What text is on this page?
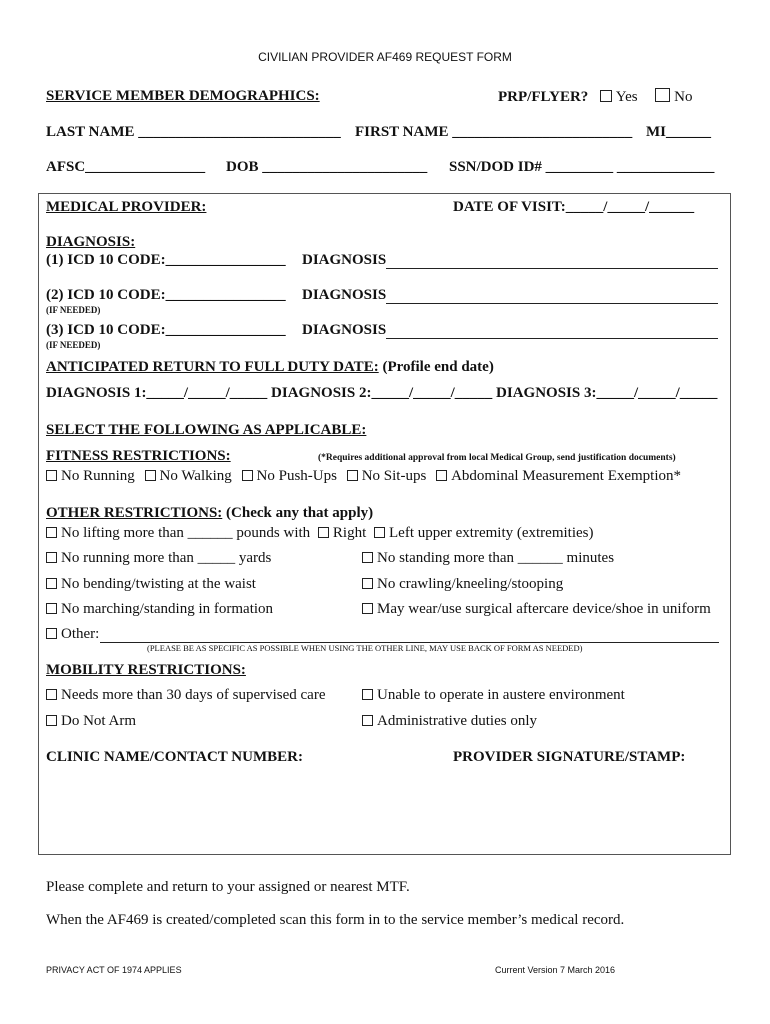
CIVILIAN PROVIDER AF469 REQUEST FORM
SERVICE MEMBER DEMOGRAPHICS:	PRP/FLYER? Yes No
LAST NAME ___________________________ FIRST NAME ________________________ MI______
AFSC________________ DOB ______________________ SSN/DOD ID# _________ _____________
MEDICAL PROVIDER:	DATE OF VISIT:_____/_____/______
DIAGNOSIS:
(1) ICD 10 CODE:________________ DIAGNOSIS
(2) ICD 10 CODE:________________ DIAGNOSIS
(IF NEEDED)
(3) ICD 10 CODE:________________ DIAGNOSIS
(IF NEEDED)
ANTICIPATED RETURN TO FULL DUTY DATE: (Profile end date)
DIAGNOSIS 1:_____/_____/_____ DIAGNOSIS 2:_____/_____/_____ DIAGNOSIS 3:_____/_____/_____
SELECT THE FOLLOWING AS APPLICABLE:
FITNESS RESTRICTIONS:	(*Requires additional approval from local Medical Group, send justification documents)
No Running No Walking No Push-Ups No Sit-ups Abdominal Measurement Exemption*
OTHER RESTRICTIONS: (Check any that apply)
No lifting more than ______ pounds with Right Left upper extremity (extremities)
No running more than _____ yards	No standing more than ______ minutes
No bending/twisting at the waist	No crawling/kneeling/stooping
No marching/standing in formation	May wear/use surgical aftercare device/shoe in uniform
Other:
(PLEASE BE AS SPECIFIC AS POSSIBLE WHEN USING THE OTHER LINE, MAY USE BACK OF FORM AS NEEDED)
MOBILITY RESTRICTIONS:
Needs more than 30 days of supervised care	Unable to operate in austere environment
Do Not Arm	Administrative duties only
CLINIC NAME/CONTACT NUMBER:	PROVIDER SIGNATURE/STAMP:
Please complete and return to your assigned or nearest MTF.
When the AF469 is created/completed scan this form in to the service member’s medical record.
PRIVACY ACT OF 1974 APPLIES	Current Version 7 March 2016
